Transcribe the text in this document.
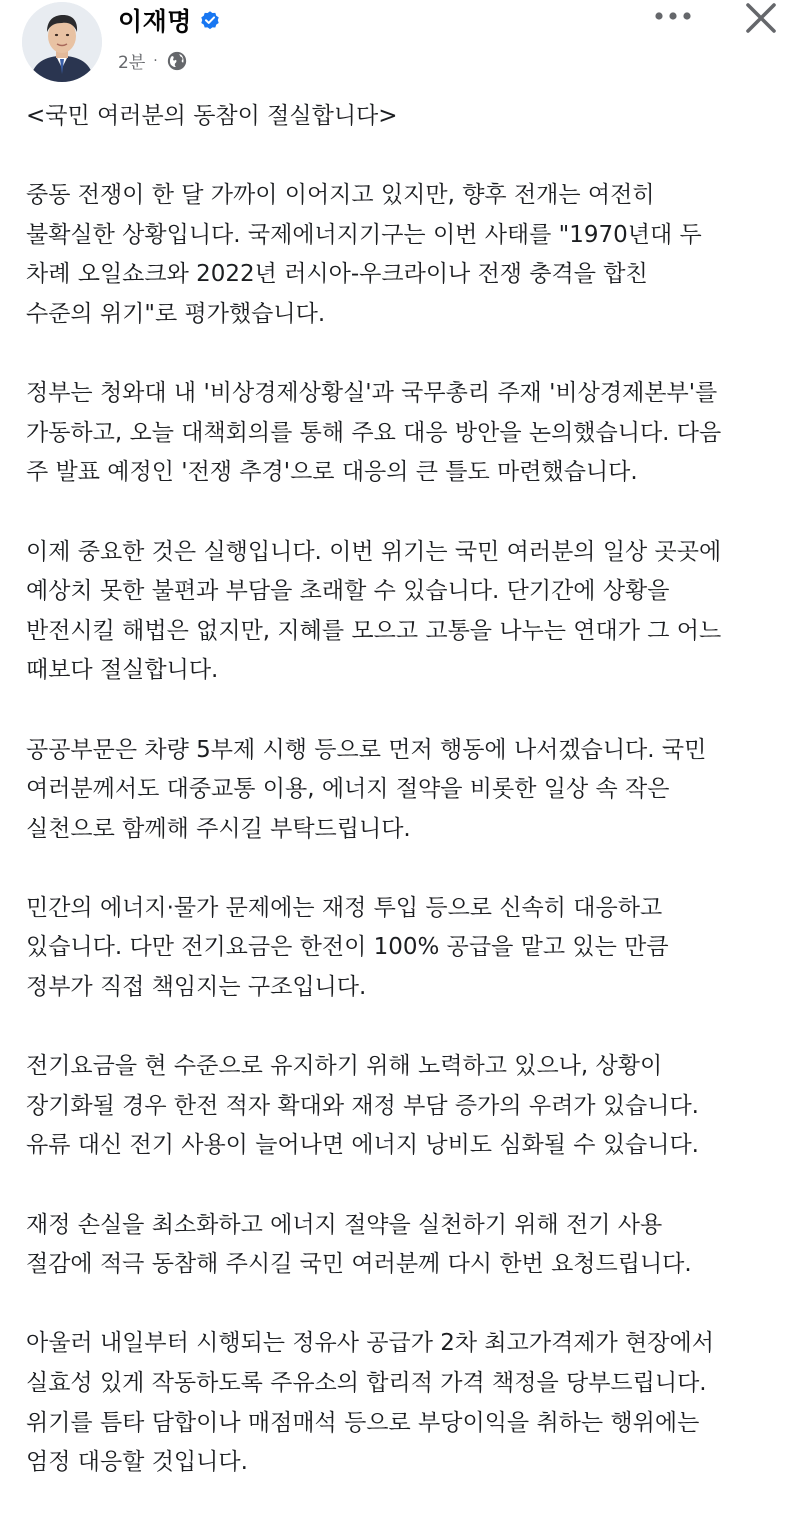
이재명
2분 ·

<국민 여러분의 동참이 절실합니다>

중동 전쟁이 한 달 가까이 이어지고 있지만, 향후 전개는 여전히
불확실한 상황입니다. 국제에너지기구는 이번 사태를 "1970년대 두
차례 오일쇼크와 2022년 러시아-우크라이나 전쟁 충격을 합친
수준의 위기"로 평가했습니다.

정부는 청와대 내 '비상경제상황실'과 국무총리 주재 '비상경제본부'를
가동하고, 오늘 대책회의를 통해 주요 대응 방안을 논의했습니다. 다음
주 발표 예정인 '전쟁 추경'으로 대응의 큰 틀도 마련했습니다.

이제 중요한 것은 실행입니다. 이번 위기는 국민 여러분의 일상 곳곳에
예상치 못한 불편과 부담을 초래할 수 있습니다. 단기간에 상황을
반전시킬 해법은 없지만, 지혜를 모으고 고통을 나누는 연대가 그 어느
때보다 절실합니다.

공공부문은 차량 5부제 시행 등으로 먼저 행동에 나서겠습니다. 국민
여러분께서도 대중교통 이용, 에너지 절약을 비롯한 일상 속 작은
실천으로 함께해 주시길 부탁드립니다.

민간의 에너지·물가 문제에는 재정 투입 등으로 신속히 대응하고
있습니다. 다만 전기요금은 한전이 100% 공급을 맡고 있는 만큼
정부가 직접 책임지는 구조입니다.

전기요금을 현 수준으로 유지하기 위해 노력하고 있으나, 상황이
장기화될 경우 한전 적자 확대와 재정 부담 증가의 우려가 있습니다.
유류 대신 전기 사용이 늘어나면 에너지 낭비도 심화될 수 있습니다.

재정 손실을 최소화하고 에너지 절약을 실천하기 위해 전기 사용
절감에 적극 동참해 주시길 국민 여러분께 다시 한번 요청드립니다.

아울러 내일부터 시행되는 정유사 공급가 2차 최고가격제가 현장에서
실효성 있게 작동하도록 주유소의 합리적 가격 책정을 당부드립니다.
위기를 틈타 담합이나 매점매석 등으로 부당이익을 취하는 행위에는
엄정 대응할 것입니다.
